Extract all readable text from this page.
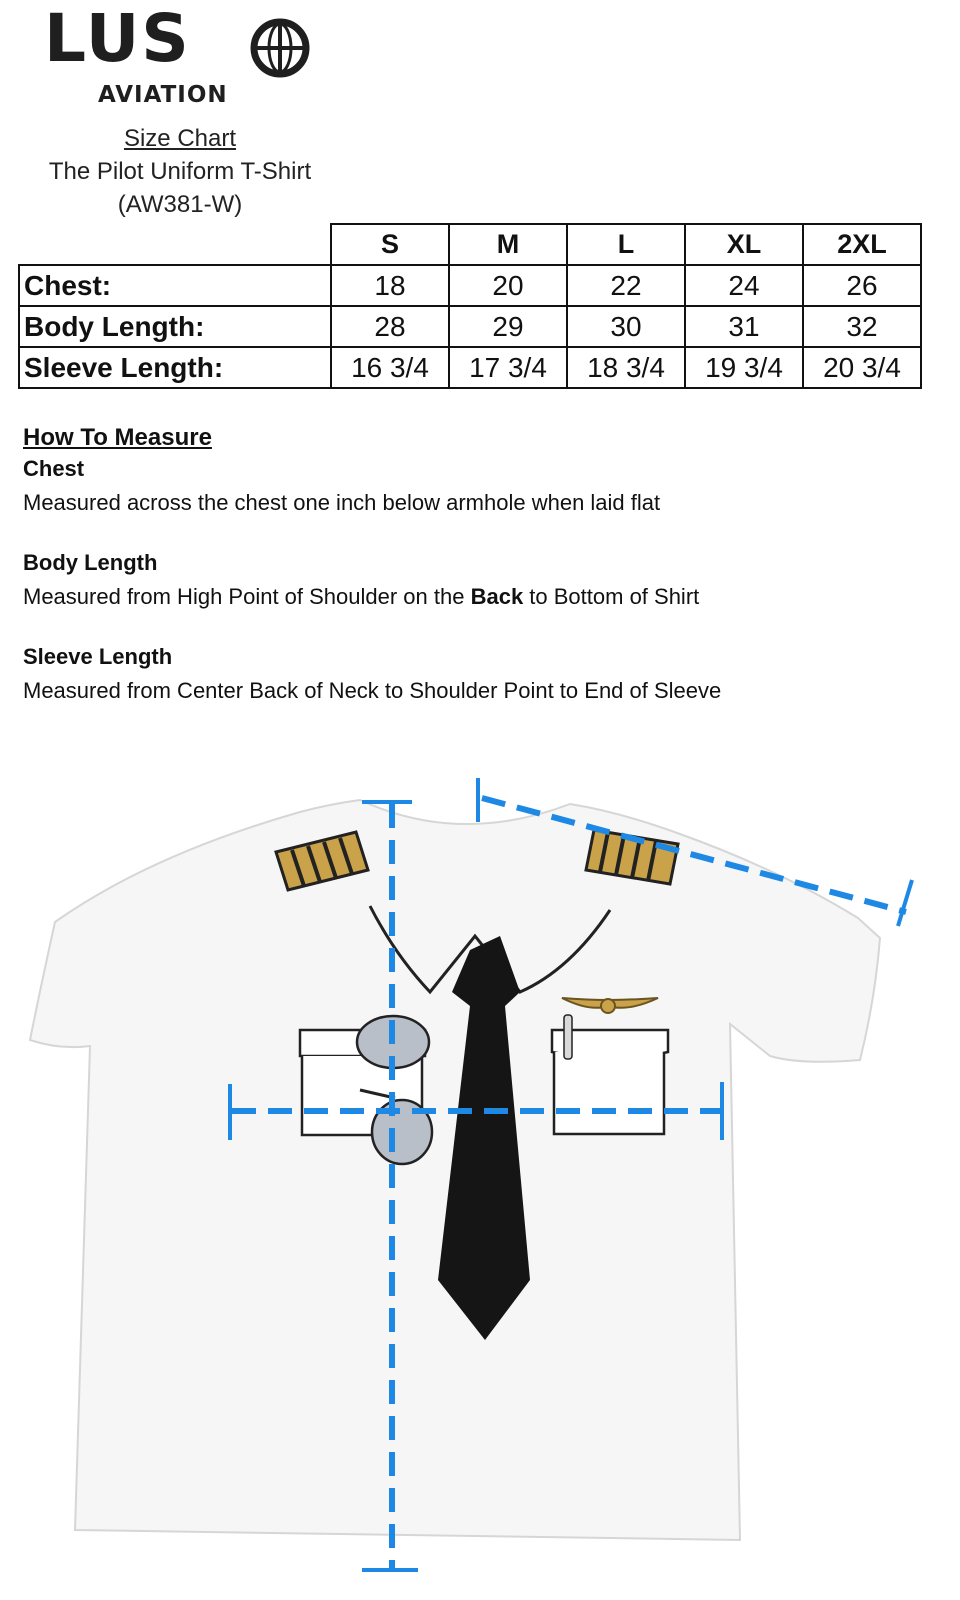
LUS
AVIATION
Size Chart
The Pilot Uniform T-Shirt
(AW381-W)
	S	M	L	XL	2XL
Chest:	18	20	22	24	26
Body Length:	28	29	30	31	32
Sleeve Length:	16 3/4	17 3/4	18 3/4	19 3/4	20 3/4
How To Measure
Chest
Measured across the chest one inch below armhole when laid flat
Body Length
Measured from High Point of Shoulder on the Back to Bottom of Shirt
Sleeve Length
Measured from Center Back of Neck to Shoulder Point to End of Sleeve
